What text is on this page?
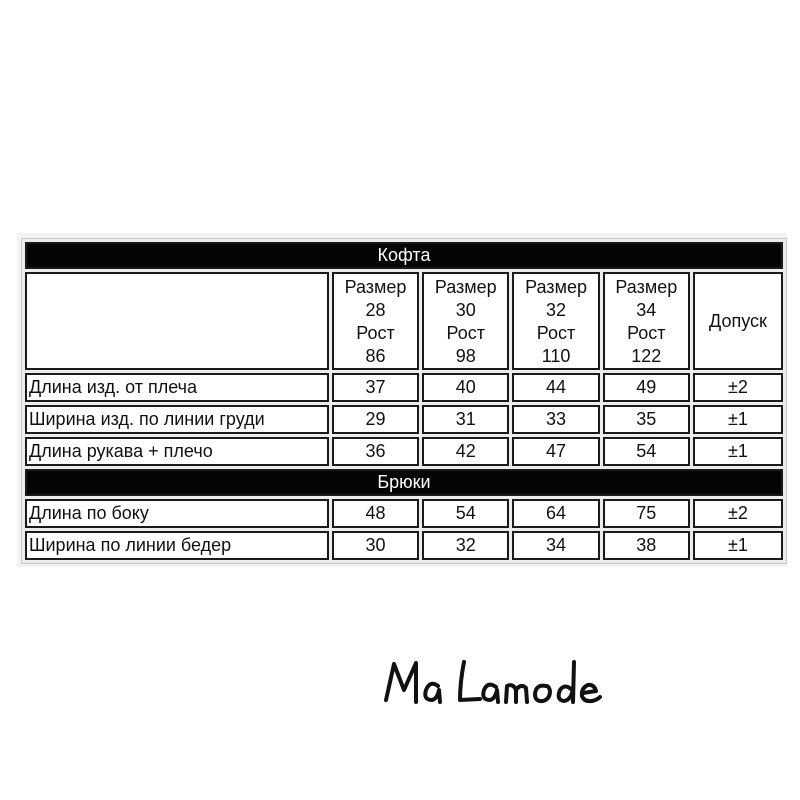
Кофта					

	Размер
28
Рост
86	Размер
30
Рост
98	Размер
32
Рост
110	Размер
34
Рост
122	Допуск
Длина изд. от плеча	37	40	44	49	±2
Ширина изд. по линии груди	29	31	33	35	±1
Длина рукава + плечо	36	42	47	54	±1
Брюки					
Длина по боку	48	54	64	75	±2
Ширина по линии бедер	30	32	34	38	±1
